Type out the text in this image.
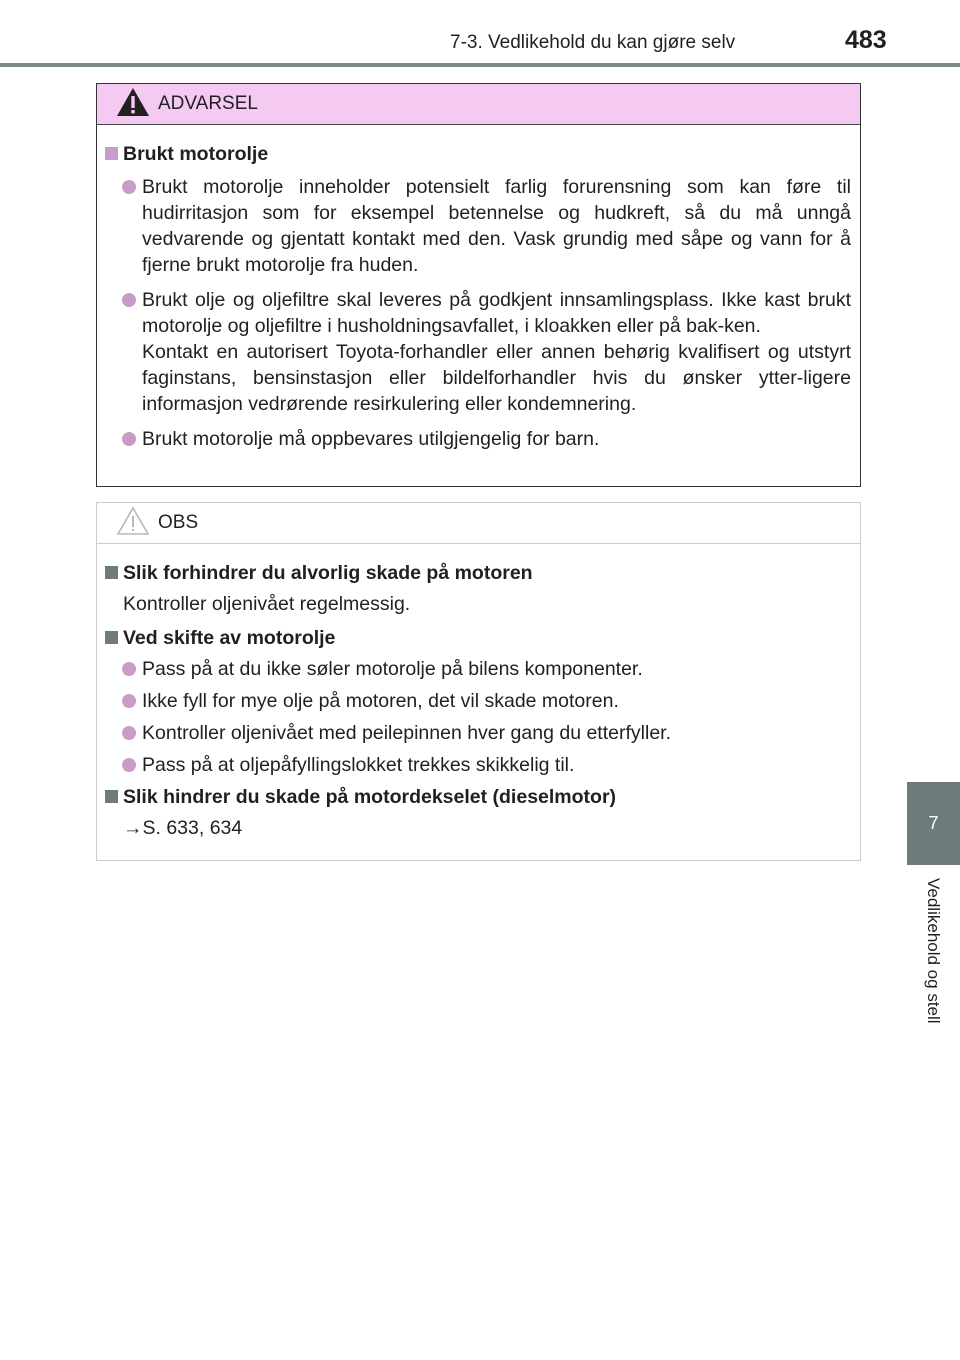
7-3. Vedlikehold du kan gjøre selv	483
7
Vedlikehold og stell
ADVARSEL
Brukt motorolje
Brukt motorolje inneholder potensielt farlig forurensning som kan føre til hudirritasjon som for eksempel betennelse og hudkreft, så du må unngå vedvarende og gjentatt kontakt med den. Vask grundig med såpe og vann for å fjerne brukt motorolje fra huden.
Brukt olje og oljefiltre skal leveres på godkjent innsamlingsplass. Ikke kast brukt motorolje og oljefiltre i husholdningsavfallet, i kloakken eller på bak-ken.
Kontakt en autorisert Toyota-forhandler eller annen behørig kvalifisert og utstyrt faginstans, bensinstasjon eller bildelforhandler hvis du ønsker ytter-ligere informasjon vedrørende resirkulering eller kondemnering.
Brukt motorolje må oppbevares utilgjengelig for barn.
OBS
Slik forhindrer du alvorlig skade på motoren
Kontroller oljenivået regelmessig.
Ved skifte av motorolje
Pass på at du ikke søler motorolje på bilens komponenter.
Ikke fyll for mye olje på motoren, det vil skade motoren.
Kontroller oljenivået med peilepinnen hver gang du etterfyller.
Pass på at oljepåfyllingslokket trekkes skikkelig til.
Slik hindrer du skade på motordekselet (dieselmotor)
→S. 633, 634
